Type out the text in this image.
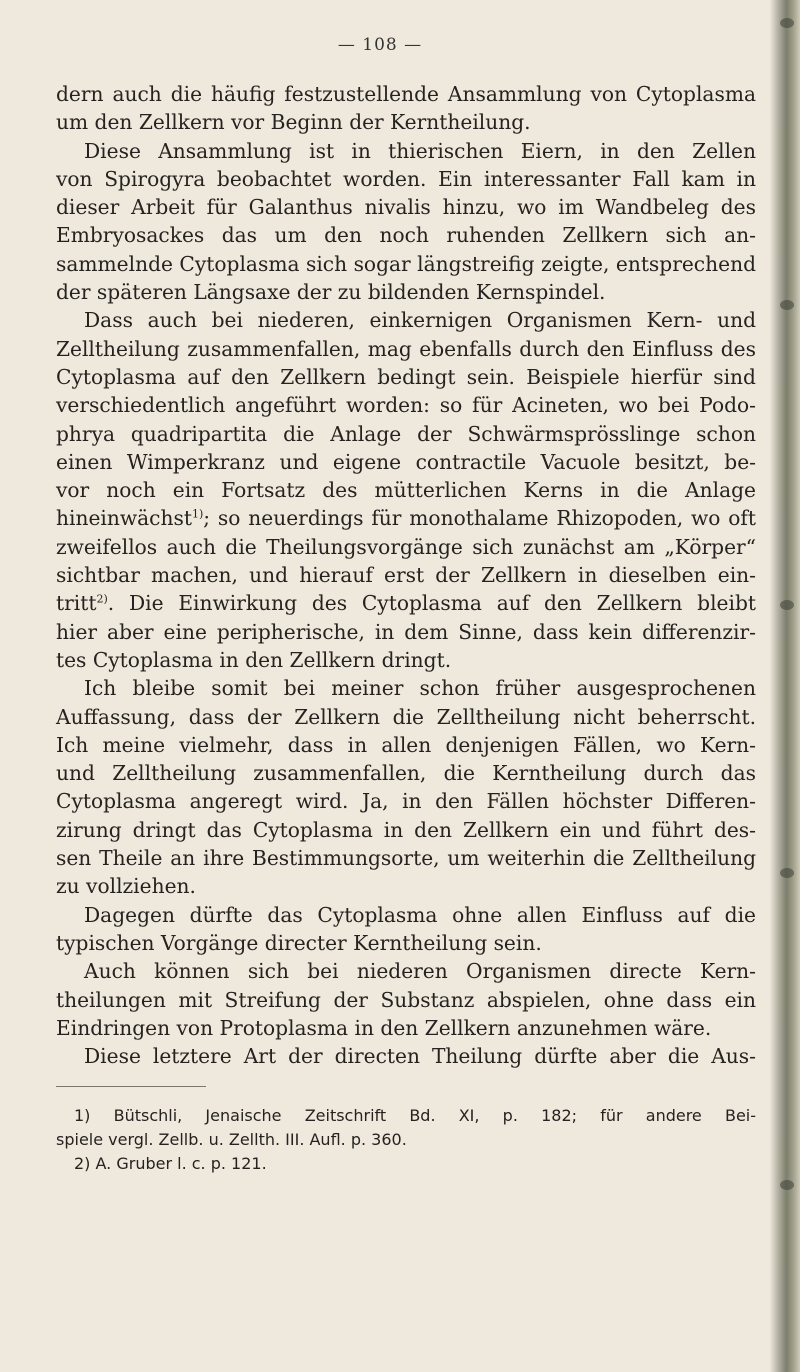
— 108 —
dern auch die häufig festzustellende Ansammlung von Cytoplasma
um den Zellkern vor Beginn der Kerntheilung.
Diese Ansammlung ist in thierischen Eiern, in den Zellen
von Spirogyra beobachtet worden. Ein interessanter Fall kam in
dieser Arbeit für Galanthus nivalis hinzu, wo im Wandbeleg des
Embryosackes das um den noch ruhenden Zellkern sich an-
sammelnde Cytoplasma sich sogar längstreifig zeigte, entsprechend
der späteren Längsaxe der zu bildenden Kernspindel.
Dass auch bei niederen, einkernigen Organismen Kern- und
Zelltheilung zusammenfallen, mag ebenfalls durch den Einfluss des
Cytoplasma auf den Zellkern bedingt sein. Beispiele hierfür sind
verschiedentlich angeführt worden: so für Acineten, wo bei Podo-
phrya quadripartita die Anlage der Schwärmsprösslinge schon
einen Wimperkranz und eigene contractile Vacuole besitzt, be-
vor noch ein Fortsatz des mütterlichen Kerns in die Anlage
hineinwächst$^{1)}$; so neuerdings für monothalame Rhizopoden, wo oft
zweifellos auch die Theilungsvorgänge sich zunächst am „Körper“
sichtbar machen, und hierauf erst der Zellkern in dieselben ein-
tritt$^{2)}$. Die Einwirkung des Cytoplasma auf den Zellkern bleibt
hier aber eine peripherische, in dem Sinne, dass kein differenzir-
tes Cytoplasma in den Zellkern dringt.
Ich bleibe somit bei meiner schon früher ausgesprochenen
Auffassung, dass der Zellkern die Zelltheilung nicht beherrscht.
Ich meine vielmehr, dass in allen denjenigen Fällen, wo Kern-
und Zelltheilung zusammenfallen, die Kerntheilung durch das
Cytoplasma angeregt wird. Ja, in den Fällen höchster Differen-
zirung dringt das Cytoplasma in den Zellkern ein und führt des-
sen Theile an ihre Bestimmungsorte, um weiterhin die Zelltheilung
zu vollziehen.
Dagegen dürfte das Cytoplasma ohne allen Einfluss auf die
typischen Vorgänge directer Kerntheilung sein.
Auch können sich bei niederen Organismen directe Kern-
theilungen mit Streifung der Substanz abspielen, ohne dass ein
Eindringen von Protoplasma in den Zellkern anzunehmen wäre.
Diese letztere Art der directen Theilung dürfte aber die Aus-
1) Bütschli, Jenaische Zeitschrift Bd. XI, p. 182; für andere Bei-
spiele vergl. Zellb. u. Zellth. III. Aufl. p. 360.
2) A. Gruber l. c. p. 121.
